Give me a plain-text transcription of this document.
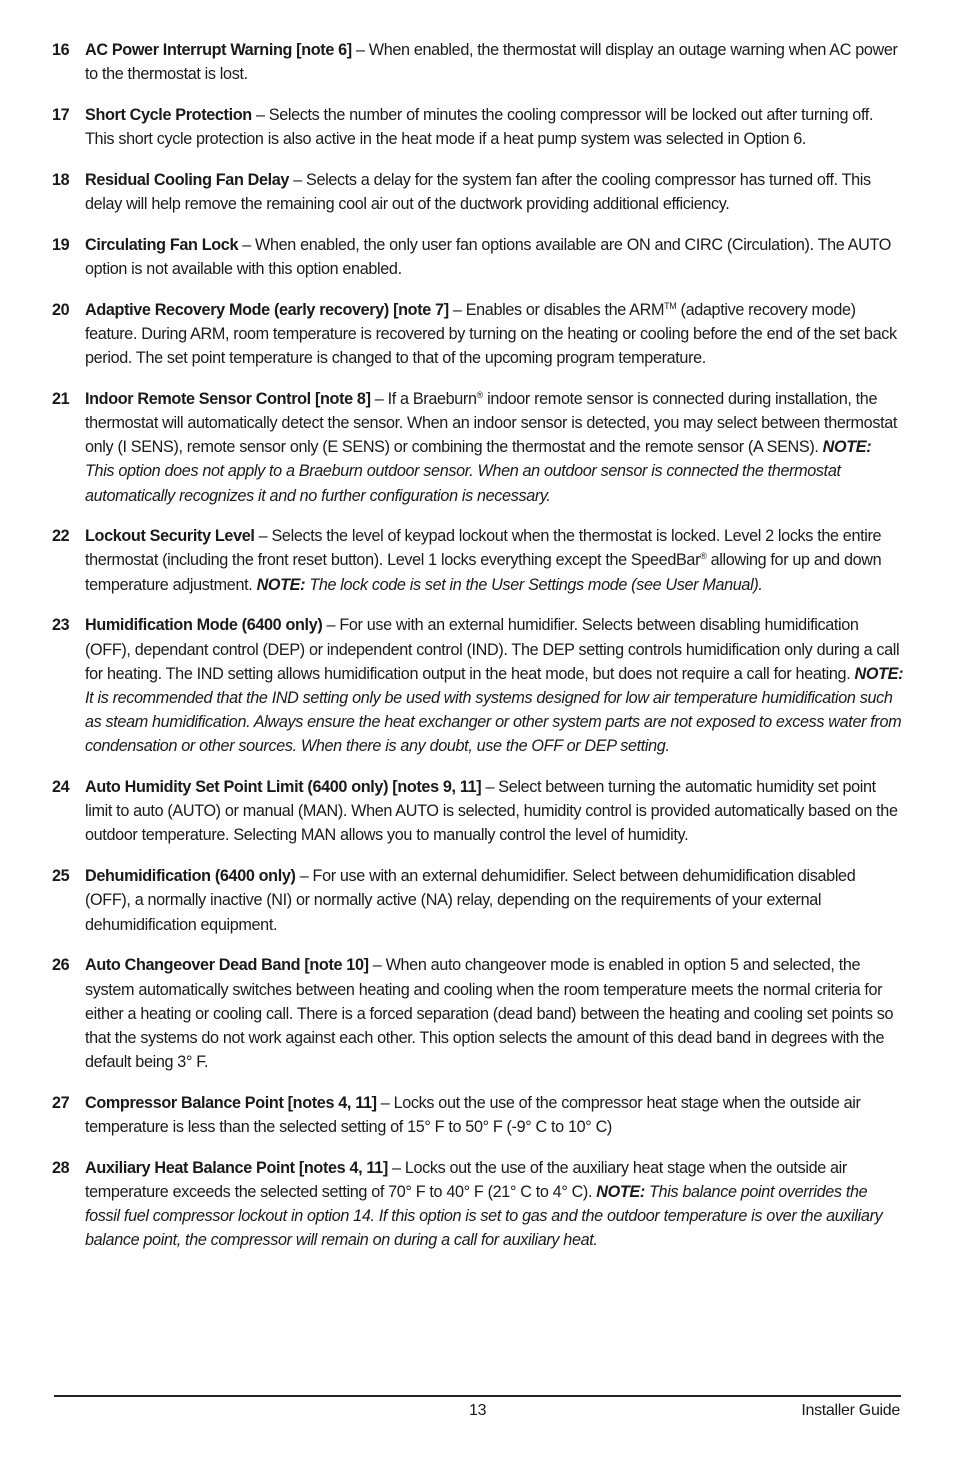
16 AC Power Interrupt Warning [note 6] – When enabled, the thermostat will display an outage warning when AC power to the thermostat is lost.

17 Short Cycle Protection – Selects the number of minutes the cooling compressor will be locked out after turning off. This short cycle protection is also active in the heat mode if a heat pump system was selected in Option 6.

18 Residual Cooling Fan Delay – Selects a delay for the system fan after the cooling compressor has turned off. This delay will help remove the remaining cool air out of the ductwork providing additional efficiency.

19 Circulating Fan Lock – When enabled, the only user fan options available are ON and CIRC (Circulation). The AUTO option is not available with this option enabled.

20 Adaptive Recovery Mode (early recovery) [note 7] – Enables or disables the ARM™ (adaptive recovery mode) feature. During ARM, room temperature is recovered by turning on the heating or cooling before the end of the set back period. The set point temperature is changed to that of the upcoming program temperature.

21 Indoor Remote Sensor Control [note 8] – If a Braeburn® indoor remote sensor is connected during installation, the thermostat will automatically detect the sensor. When an indoor sensor is detected, you may select between thermostat only (I SENS), remote sensor only (E SENS) or combining the thermostat and the remote sensor (A SENS). NOTE: This option does not apply to a Braeburn outdoor sensor. When an outdoor sensor is connected the thermostat automatically recognizes it and no further configuration is necessary.

22 Lockout Security Level – Selects the level of keypad lockout when the thermostat is locked. Level 2 locks the entire thermostat (including the front reset button). Level 1 locks everything except the SpeedBar® allowing for up and down temperature adjustment. NOTE: The lock code is set in the User Settings mode (see User Manual).

23 Humidification Mode (6400 only) – For use with an external humidifier. Selects between disabling humidification (OFF), dependant control (DEP) or independent control (IND). The DEP setting controls humidification only during a call for heating. The IND setting allows humidification output in the heat mode, but does not require a call for heating. NOTE: It is recommended that the IND setting only be used with systems designed for low air temperature humidification such as steam humidification. Always ensure the heat exchanger or other system parts are not exposed to excess water from condensation or other sources. When there is any doubt, use the OFF or DEP setting.

24 Auto Humidity Set Point Limit (6400 only) [notes 9, 11] – Select between turning the automatic humidity set point limit to auto (AUTO) or manual (MAN). When AUTO is selected, humidity control is provided automatically based on the outdoor temperature. Selecting MAN allows you to manually control the level of humidity.

25 Dehumidification (6400 only) – For use with an external dehumidifier. Select between dehumidification disabled (OFF), a normally inactive (NI) or normally active (NA) relay, depending on the requirements of your external dehumidification equipment.

26 Auto Changeover Dead Band [note 10] – When auto changeover mode is enabled in option 5 and selected, the system automatically switches between heating and cooling when the room temperature meets the normal criteria for either a heating or cooling call. There is a forced separation (dead band) between the heating and cooling set points so that the systems do not work against each other. This option selects the amount of this dead band in degrees with the default being 3° F.

27 Compressor Balance Point [notes 4, 11] – Locks out the use of the compressor heat stage when the outside air temperature is less than the selected setting of 15° F to 50° F (-9° C to 10° C)

28 Auxiliary Heat Balance Point [notes 4, 11] – Locks out the use of the auxiliary heat stage when the outside air temperature exceeds the selected setting of 70° F to 40° F (21° C to 4° C). NOTE: This balance point overrides the fossil fuel compressor lockout in option 14. If this option is set to gas and the outdoor temperature is over the auxiliary balance point, the compressor will remain on during a call for auxiliary heat.

13	Installer Guide
